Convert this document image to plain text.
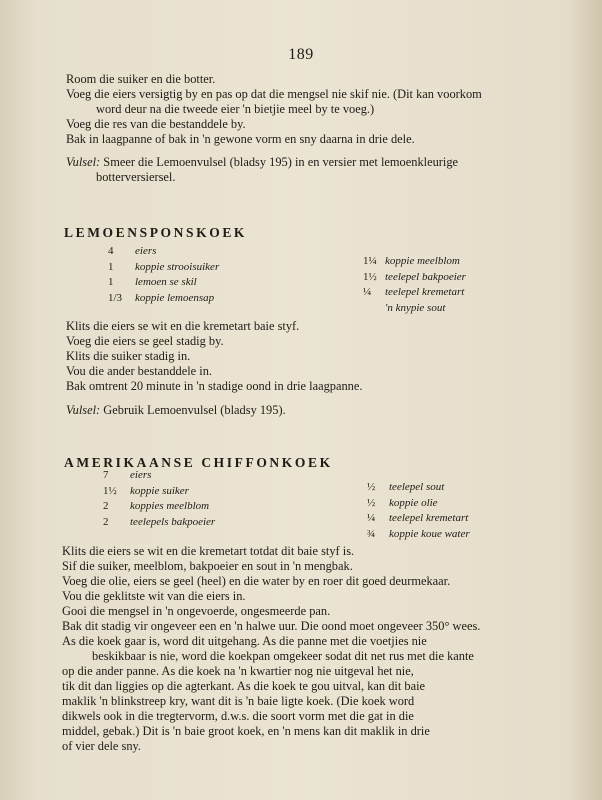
189
Room die suiker en die botter.
Voeg die eiers versigtig by en pas op dat die mengsel nie skif nie. (Dit kan voorkom
word deur na die tweede eier 'n bietjie meel by te voeg.)
Voeg die res van die bestanddele by.
Bak in laagpanne of bak in 'n gewone vorm en sny daarna in drie dele.
Vulsel: Smeer die Lemoenvulsel (bladsy 195) in en versier met lemoenkleurige
botterversiersel.
LEMOENSPONSKOEK
4 eiers
1 koppie strooisuiker
1 lemoen se skil
1/3 koppie lemoensap
1¼ koppie meelblom
1½ teelepel bakpoeier
¼ teelepel kremetart
'n knypie sout
Klits die eiers se wit en die kremetart baie styf.
Voeg die eiers se geel stadig by.
Klits die suiker stadig in.
Vou die ander bestanddele in.
Bak omtrent 20 minute in 'n stadige oond in drie laagpanne.
Vulsel: Gebruik Lemoenvulsel (bladsy 195).
AMERIKAANSE CHIFFONKOEK
7 eiers
1½ koppie suiker
2 koppies meelblom
2 teelepels bakpoeier
½ teelepel sout
½ koppie olie
¼ teelepel kremetart
¾ koppie koue water
Klits die eiers se wit en die kremetart totdat dit baie styf is.
Sif die suiker, meelblom, bakpoeier en sout in 'n mengbak.
Voeg die olie, eiers se geel (heel) en die water by en roer dit goed deurmekaar.
Vou die geklitste wit van die eiers in.
Gooi die mengsel in 'n ongevoerde, ongesmeerde pan.
Bak dit stadig vir ongeveer een en 'n halwe uur. Die oond moet ongeveer 350° wees.
As die koek gaar is, word dit uitgehang. As die panne met die voetjies nie
beskikbaar is nie, word die koekpan omgekeer sodat dit net rus met die kante
op die ander panne. As die koek na 'n kwartier nog nie uitgeval het nie,
tik dit dan liggies op die agterkant. As die koek te gou uitval, kan dit baie
maklik 'n blinkstreep kry, want dit is 'n baie ligte koek. (Die koek word
dikwels ook in die tregtervorm, d.w.s. die soort vorm met die gat in die
middel, gebak.) Dit is 'n baie groot koek, en 'n mens kan dit maklik in drie
of vier dele sny.
